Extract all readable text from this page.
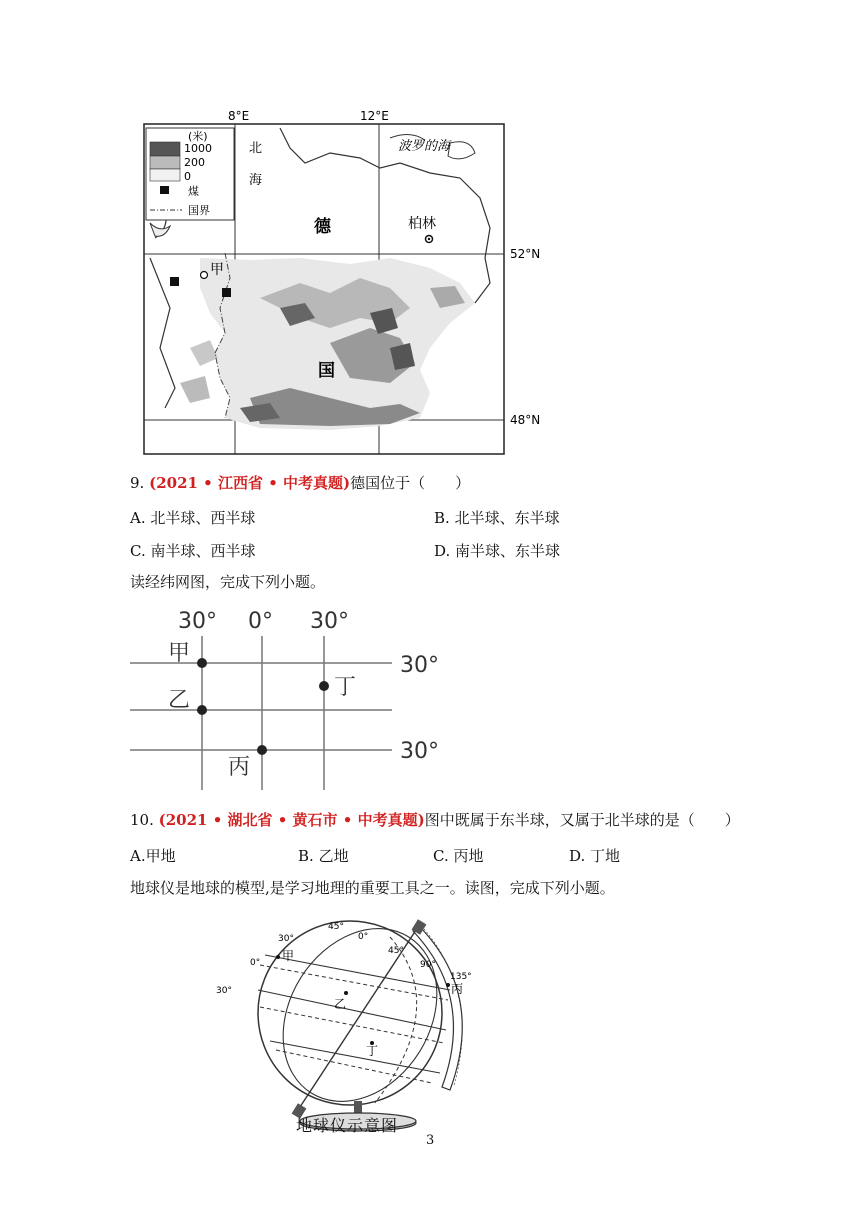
8°E	12°E
52°N
48°N
(米)
1000
200
0
煤
国界
北
海
波罗的海
德	柏林
国
甲
9. (2021 • 江西省 • 中考真题)德国位于（　　）
A. 北半球、西半球	B. 北半球、东半球
C. 南半球、西半球	D. 南半球、东半球
读经纬网图，完成下列小题。
30° 0° 30°
30°
30°
甲
乙
丙
丁
10. (2021 • 湖北省 • 黄石市 • 中考真题)图中既属于东半球，又属于北半球的是（　　）
A.甲地	B. 乙地	C. 丙地	D. 丁地
地球仪是地球的模型,是学习地理的重要工具之一。读图，完成下列小题。
30°
0°
30°
45°
0°
45°
90°
135°
甲
乙
丙
丁
地球仪示意图
3
